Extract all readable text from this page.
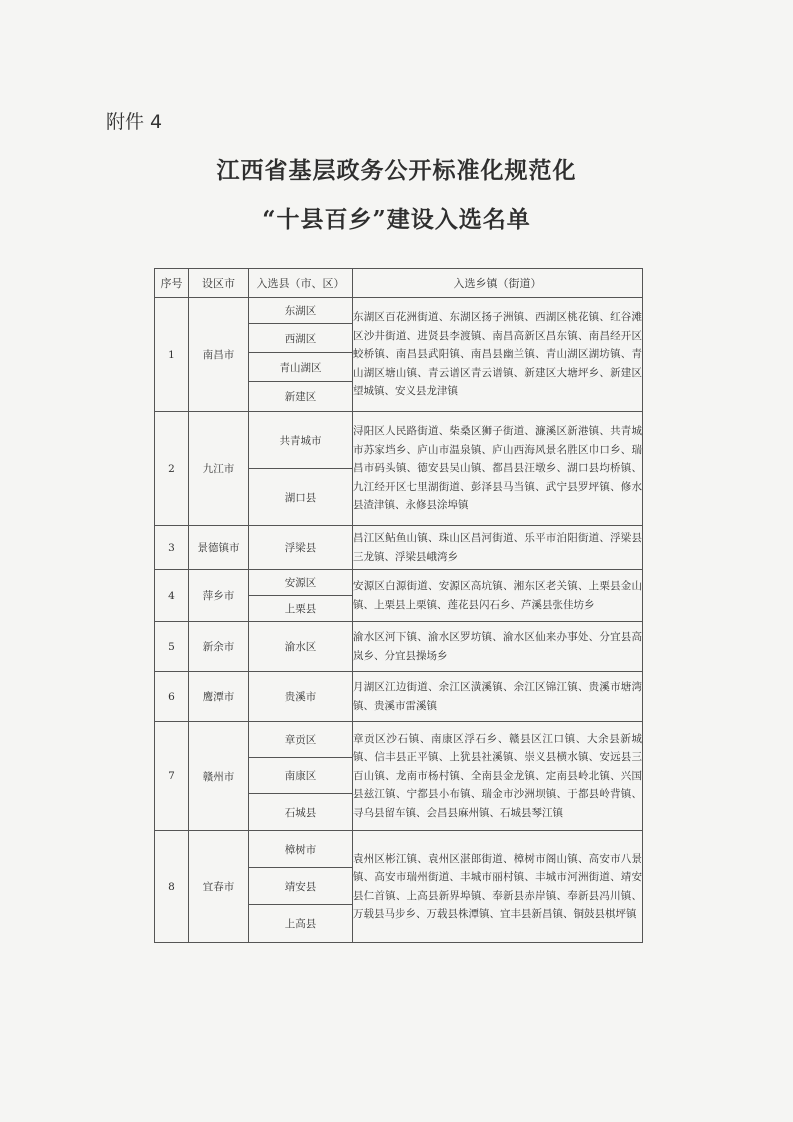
附件 4
江西省基层政务公开标准化规范化
“十县百乡”建设入选名单
序号	设区市	入选县（市、区）	入选乡镇（街道）
1	南昌市	东湖区	东湖区百花洲街道、东湖区扬子洲镇、西湖区桃花镇、红谷滩区沙井街道、进贤县李渡镇、南昌高新区昌东镇、南昌经开区蛟桥镇、南昌县武阳镇、南昌县幽兰镇、青山湖区湖坊镇、青山湖区塘山镇、青云谱区青云谱镇、新建区大塘坪乡、新建区望城镇、安义县龙津镇
		西湖区	
		青山湖区	
		新建区	
2	九江市	共青城市	浔阳区人民路街道、柴桑区狮子街道、濂溪区新港镇、共青城市苏家垱乡、庐山市温泉镇、庐山西海风景名胜区巾口乡、瑞昌市码头镇、德安县吴山镇、都昌县汪墩乡、湖口县均桥镇、九江经开区七里湖街道、彭泽县马当镇、武宁县罗坪镇、修水县渣津镇、永修县涂埠镇
		湖口县	
3	景德镇市	浮梁县	昌江区鲇鱼山镇、珠山区昌河街道、乐平市泊阳街道、浮梁县三龙镇、浮梁县峨湾乡
4	萍乡市	安源区	安源区白源街道、安源区高坑镇、湘东区老关镇、上栗县金山镇、上栗县上栗镇、莲花县闪石乡、芦溪县张佳坊乡
		上栗县	
5	新余市	渝水区	渝水区河下镇、渝水区罗坊镇、渝水区仙来办事处、分宜县高岚乡、分宜县操场乡
6	鹰潭市	贵溪市	月湖区江边街道、余江区潢溪镇、余江区锦江镇、贵溪市塘湾镇、贵溪市雷溪镇
7	赣州市	章贡区	章贡区沙石镇、南康区浮石乡、赣县区江口镇、大余县新城镇、信丰县正平镇、上犹县社溪镇、崇义县横水镇、安远县三百山镇、龙南市杨村镇、全南县金龙镇、定南县岭北镇、兴国县兹江镇、宁都县小布镇、瑞金市沙洲坝镇、于都县岭背镇、寻乌县留车镇、会昌县麻州镇、石城县琴江镇
		南康区	
		石城县	
8	宜春市	樟树市	袁州区彬江镇、袁州区湛郎街道、樟树市阁山镇、高安市八景镇、高安市瑞州街道、丰城市丽村镇、丰城市河洲街道、靖安县仁首镇、上高县新界埠镇、奉新县赤岸镇、奉新县冯川镇、万载县马步乡、万载县株潭镇、宜丰县新昌镇、铜鼓县棋坪镇
		靖安县	
		上高县	
